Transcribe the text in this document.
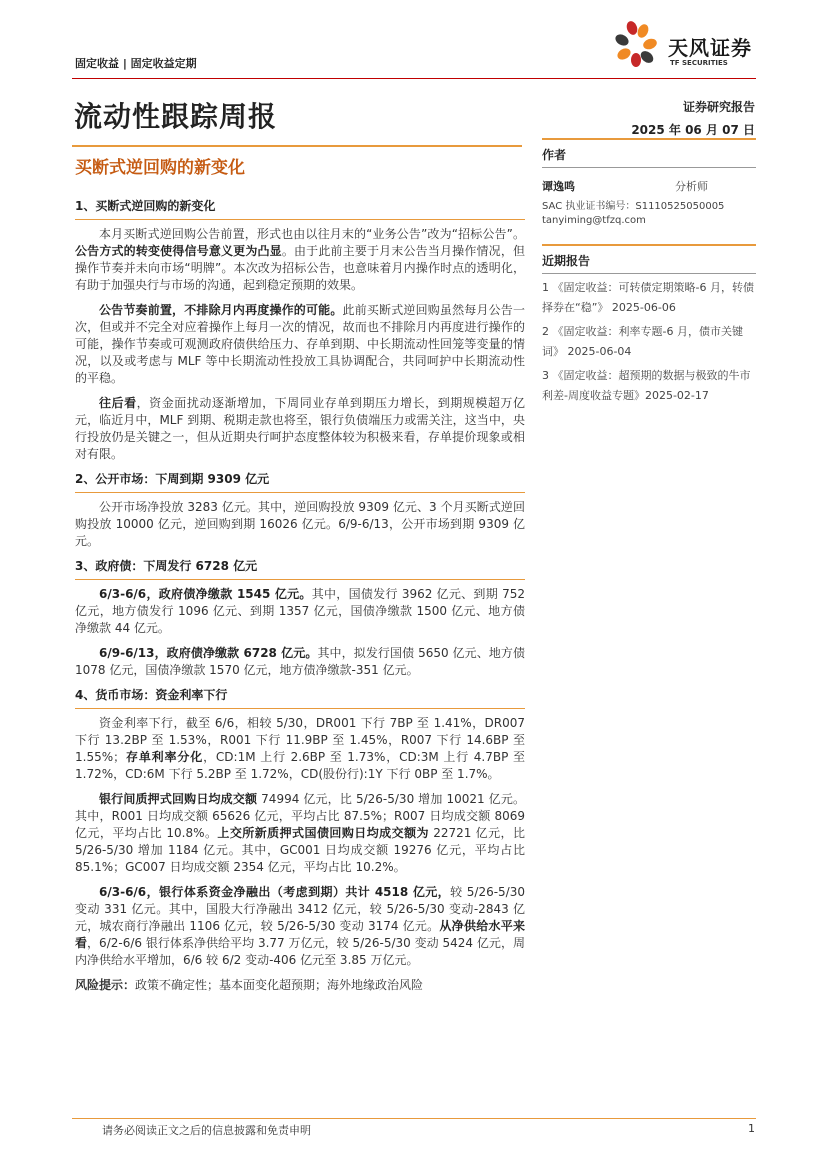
固定收益 | 固定收益定期
天风证券
TF SECURITIES
流动性跟踪周报	证券研究报告
2025 年 06 月 07 日
买断式逆回购的新变化
作者
谭逸鸣	分析师
SAC 执业证书编号：S1110525050005
tanyiming@tfzq.com
近期报告
1 《固定收益：可转债定期策略-6 月，转债择券在“稳”》 2025-06-06
2 《固定收益：利率专题-6 月，债市关键词》 2025-06-04
3 《固定收益：超预期的数据与极致的牛市利差-周度收益专题》2025-02-17
1、买断式逆回购的新变化

本月买断式逆回购公告前置，形式也由以往月末的“业务公告”改为“招标公告”。公告方式的转变使得信号意义更为凸显。由于此前主要于月末公告当月操作情况，但操作节奏并未向市场“明牌”。本次改为招标公告，也意味着月内操作时点的透明化，有助于加强央行与市场的沟通，起到稳定预期的效果。

公告节奏前置，不排除月内再度操作的可能。此前买断式逆回购虽然每月公告一次，但或并不完全对应着操作上每月一次的情况，故而也不排除月内再度进行操作的可能，操作节奏或可观测政府债供给压力、存单到期、中长期流动性回笼等变量的情况，以及或考虑与 MLF 等中长期流动性投放工具协调配合，共同呵护中长期流动性的平稳。

往后看，资金面扰动逐渐增加，下周同业存单到期压力增长，到期规模超万亿元，临近月中，MLF 到期、税期走款也将至，银行负债端压力或需关注，这当中，央行投放仍是关键之一，但从近期央行呵护态度整体较为积极来看，存单提价现象或相对有限。

2、公开市场：下周到期 9309 亿元

公开市场净投放 3283 亿元。其中，逆回购投放 9309 亿元、3 个月买断式逆回购投放 10000 亿元，逆回购到期 16026 亿元。6/9-6/13，公开市场到期 9309 亿元。

3、政府债：下周发行 6728 亿元

6/3-6/6，政府债净缴款 1545 亿元。其中，国债发行 3962 亿元、到期 752 亿元，地方债发行 1096 亿元、到期 1357 亿元，国债净缴款 1500 亿元、地方债净缴款 44 亿元。

6/9-6/13，政府债净缴款 6728 亿元。其中，拟发行国债 5650 亿元、地方债 1078 亿元，国债净缴款 1570 亿元，地方债净缴款-351 亿元。

4、货币市场：资金利率下行

资金利率下行，截至 6/6，相较 5/30，DR001 下行 7BP 至 1.41%，DR007 下行 13.2BP 至 1.53%，R001 下行 11.9BP 至 1.45%，R007 下行 14.6BP 至 1.55%；存单利率分化，CD:1M 上行 2.6BP 至 1.73%，CD:3M 上行 4.7BP 至 1.72%，CD:6M 下行 5.2BP 至 1.72%，CD(股份行):1Y 下行 0BP 至 1.7%。

银行间质押式回购日均成交额 74994 亿元，比 5/26-5/30 增加 10021 亿元。其中，R001 日均成交额 65626 亿元，平均占比 87.5%；R007 日均成交额 8069 亿元，平均占比 10.8%。上交所新质押式国债回购日均成交额为 22721 亿元，比 5/26-5/30 增加 1184 亿元。其中，GC001 日均成交额 19276 亿元，平均占比 85.1%；GC007 日均成交额 2354 亿元，平均占比 10.2%。

6/3-6/6，银行体系资金净融出（考虑到期）共计 4518 亿元，较 5/26-5/30 变动 331 亿元。其中，国股大行净融出 3412 亿元，较 5/26-5/30 变动-2843 亿元，城农商行净融出 1106 亿元，较 5/26-5/30 变动 3174 亿元。从净供给水平来看，6/2-6/6 银行体系净供给平均 3.77 万亿元，较 5/26-5/30 变动 5424 亿元，周内净供给水平增加，6/6 较 6/2 变动-406 亿元至 3.85 万亿元。

风险提示：政策不确定性；基本面变化超预期；海外地缘政治风险
请务必阅读正文之后的信息披露和免责申明	1
